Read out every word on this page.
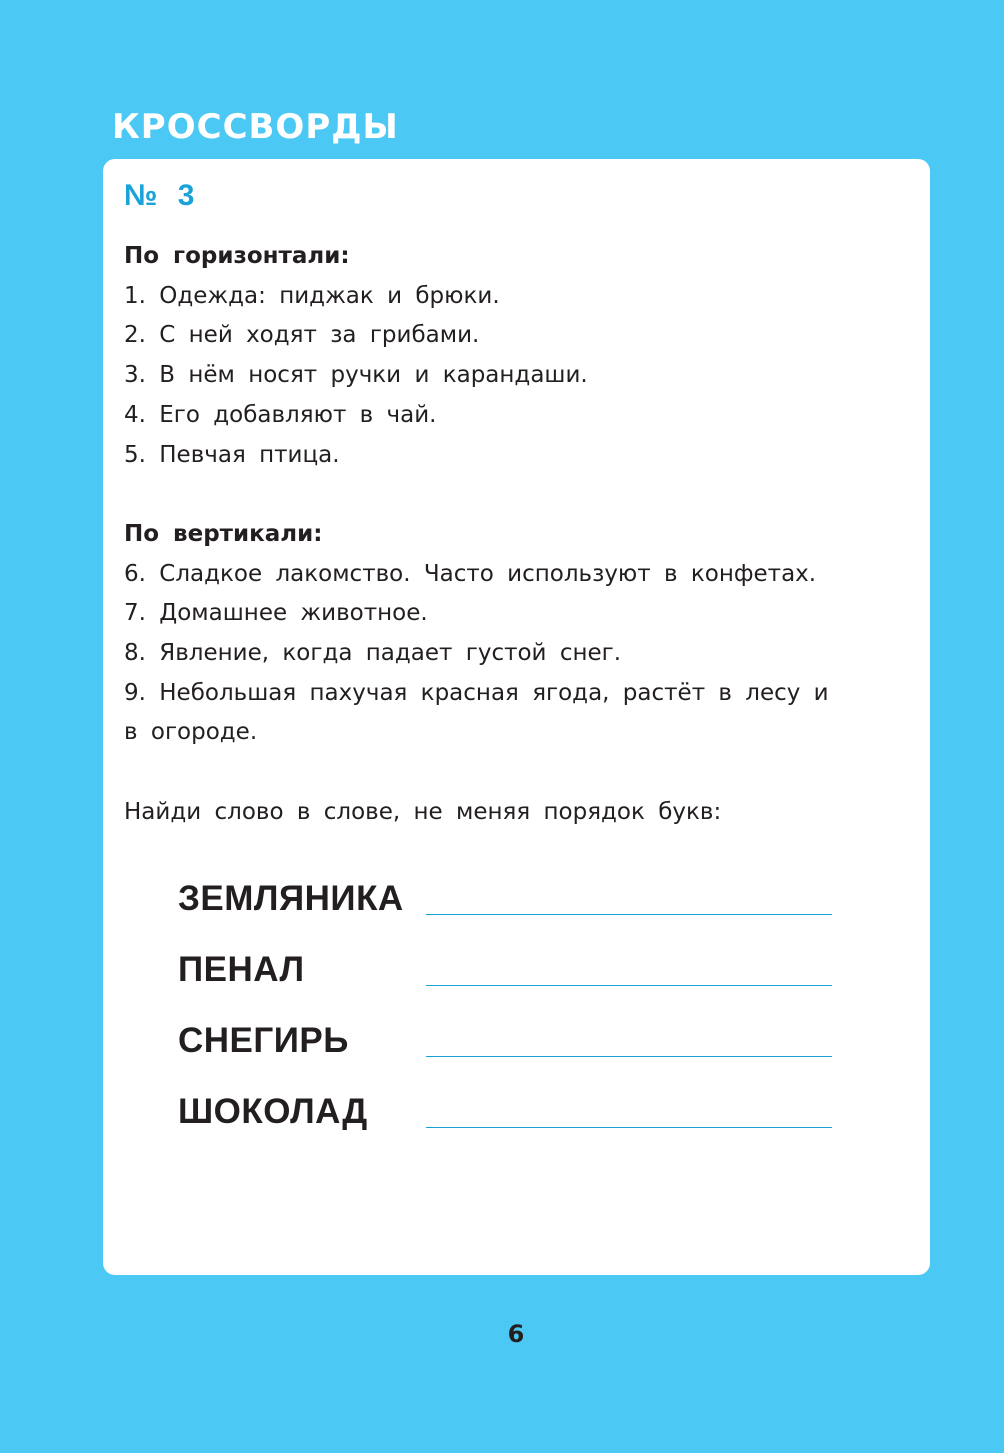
КРОССВОРДЫ
№ 3
По горизонтали:
1. Одежда: пиджак и брюки.
2. С ней ходят за грибами.
3. В нём носят ручки и карандаши.
4. Его добавляют в чай.
5. Певчая птица.
По вертикали:
6. Сладкое лакомство. Часто используют в конфетах.
7. Домашнее животное.
8. Явление, когда падает густой снег.
9. Небольшая пахучая красная ягода, растёт в лесу и
в огороде.
Найди слово в слове, не меняя порядок букв:
ЗЕМЛЯНИКА
ПЕНАЛ
СНЕГИРЬ
ШОКОЛАД
6
